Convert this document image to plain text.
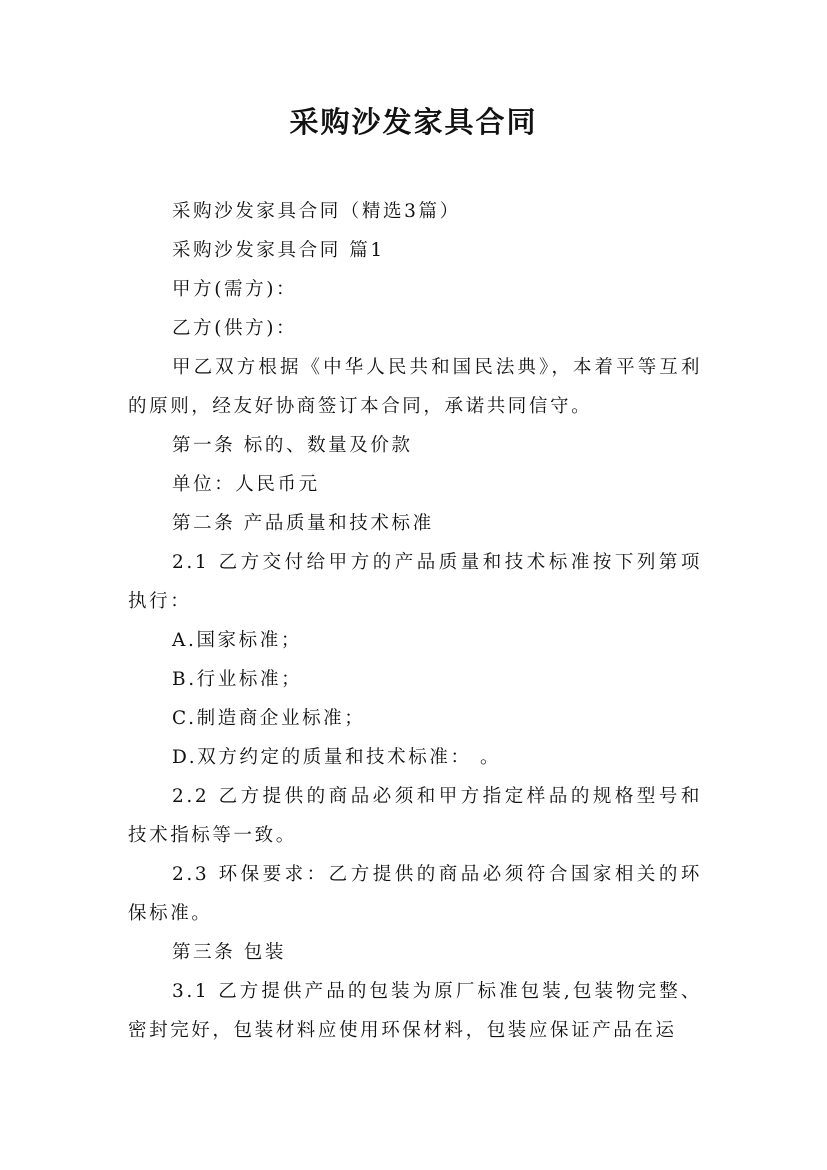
采购沙发家具合同

采购沙发家具合同（精选3篇）

采购沙发家具合同 篇1

甲方(需方)：

乙方(供方)：

甲乙双方根据《中华人民共和国民法典》，本着平等互利的原则，经友好协商签订本合同，承诺共同信守。

第一条 标的、数量及价款

单位：人民币元

第二条 产品质量和技术标准

2.1 乙方交付给甲方的产品质量和技术标准按下列第项执行：

A.国家标准；

B.行业标准；

C.制造商企业标准；

D.双方约定的质量和技术标准： 。

2.2 乙方提供的商品必须和甲方指定样品的规格型号和技术指标等一致。

2.3 环保要求：乙方提供的商品必须符合国家相关的环保标准。

第三条 包装

3.1 乙方提供产品的包装为原厂标准包装,包装物完整、密封完好，包装材料应使用环保材料，包装应保证产品在运
